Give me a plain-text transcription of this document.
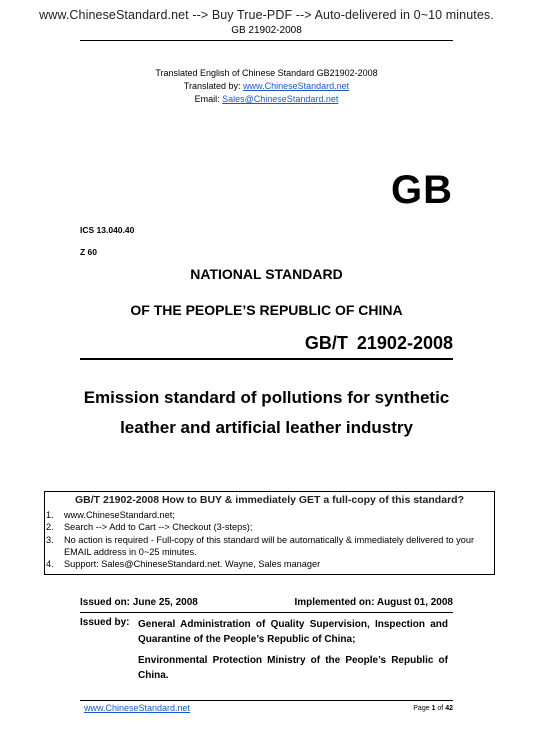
www.ChineseStandard.net --> Buy True-PDF --> Auto-delivered in 0~10 minutes.
GB 21902-2008
Translated English of Chinese Standard GB21902-2008
Translated by: www.ChineseStandard.net
Email: Sales@ChineseStandard.net
GB
ICS 13.040.40
Z 60
NATIONAL STANDARD
OF THE PEOPLE’S REPUBLIC OF CHINA
GB/T 21902-2008
Emission standard of pollutions for synthetic
leather and artificial leather industry
GB/T 21902-2008 How to BUY & immediately GET a full-copy of this standard?
1. www.ChineseStandard.net;
2. Search --> Add to Cart --> Checkout (3-steps);
3. No action is required - Full-copy of this standard will be automatically & immediately delivered to your EMAIL address in 0~25 minutes.
4. Support: Sales@ChineseStandard.net. Wayne, Sales manager
Issued on: June 25, 2008	Implemented on: August 01, 2008
Issued by: General Administration of Quality Supervision, Inspection and Quarantine of the People’s Republic of China;
Environmental Protection Ministry of the People’s Republic of China.
www.ChineseStandard.net	Page 1 of 42
